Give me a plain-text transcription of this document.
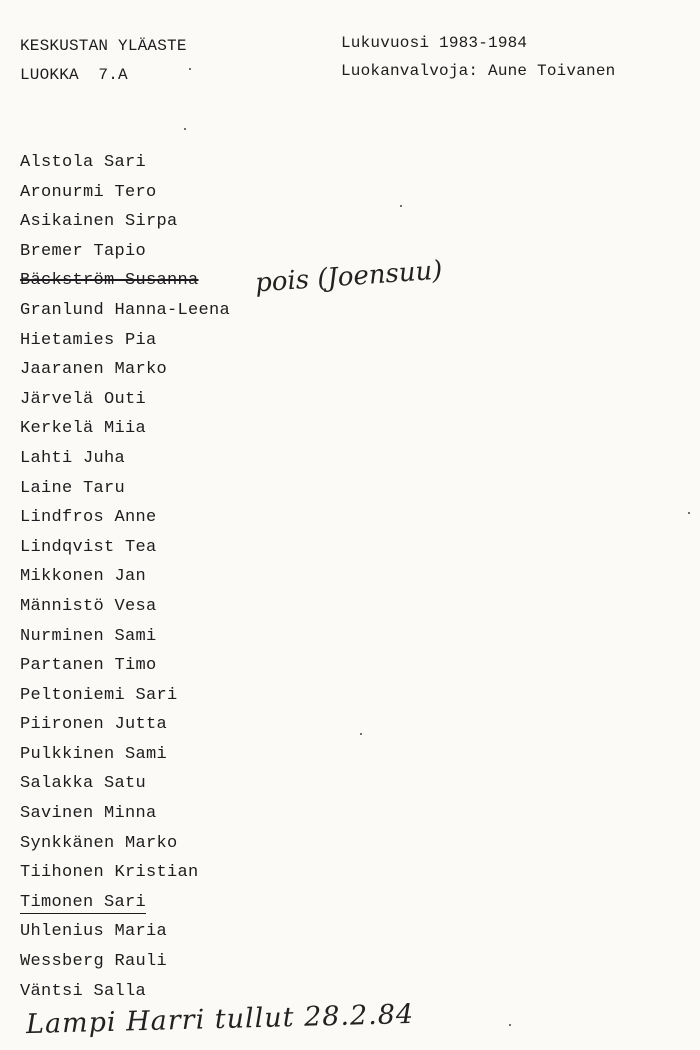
KESKUSTAN YLÄASTE
LUOKKA  7.A
Lukuvuosi 1983-1984
Luokanvalvoja: Aune Toivanen
Alstola Sari
Aronurmi Tero
Asikainen Sirpa
Bremer Tapio
Bäckström Susanna
Granlund Hanna-Leena
Hietamies Pia
Jaaranen Marko
Järvelä Outi
Kerkelä Miia
Lahti Juha
Laine Taru
Lindfros Anne
Lindqvist Tea
Mikkonen Jan
Männistö Vesa
Nurminen Sami
Partanen Timo
Peltoniemi Sari
Piironen Jutta
Pulkkinen Sami
Salakka Satu
Savinen Minna
Synkkänen Marko
Tiihonen Kristian
Timonen Sari
Uhlenius Maria
Wessberg Rauli
Väntsi Salla
pois (Joensuu)
Lampi Harri tullut 28.2.84
